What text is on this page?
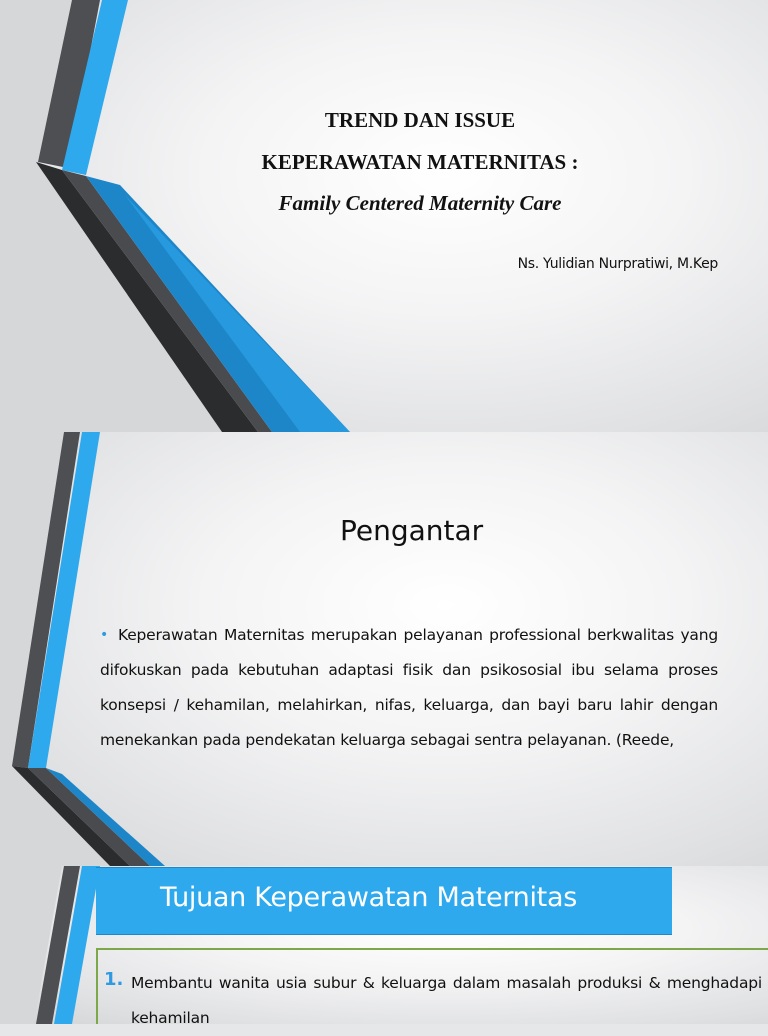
TREND DAN ISSUE
KEPERAWATAN MATERNITAS :
Family Centered Maternity Care
Ns. Yulidian Nurpratiwi, M.Kep
Pengantar
• Keperawatan Maternitas merupakan pelayanan professional berkwalitas yang difokuskan pada kebutuhan adaptasi fisik dan psikososial ibu selama proses konsepsi / kehamilan, melahirkan, nifas, keluarga, dan bayi baru lahir dengan menekankan pada pendekatan keluarga sebagai sentra pelayanan. (Reede,
Tujuan Keperawatan Maternitas
1. Membantu wanita usia subur & keluarga dalam masalah produksi & menghadapi kehamilan
